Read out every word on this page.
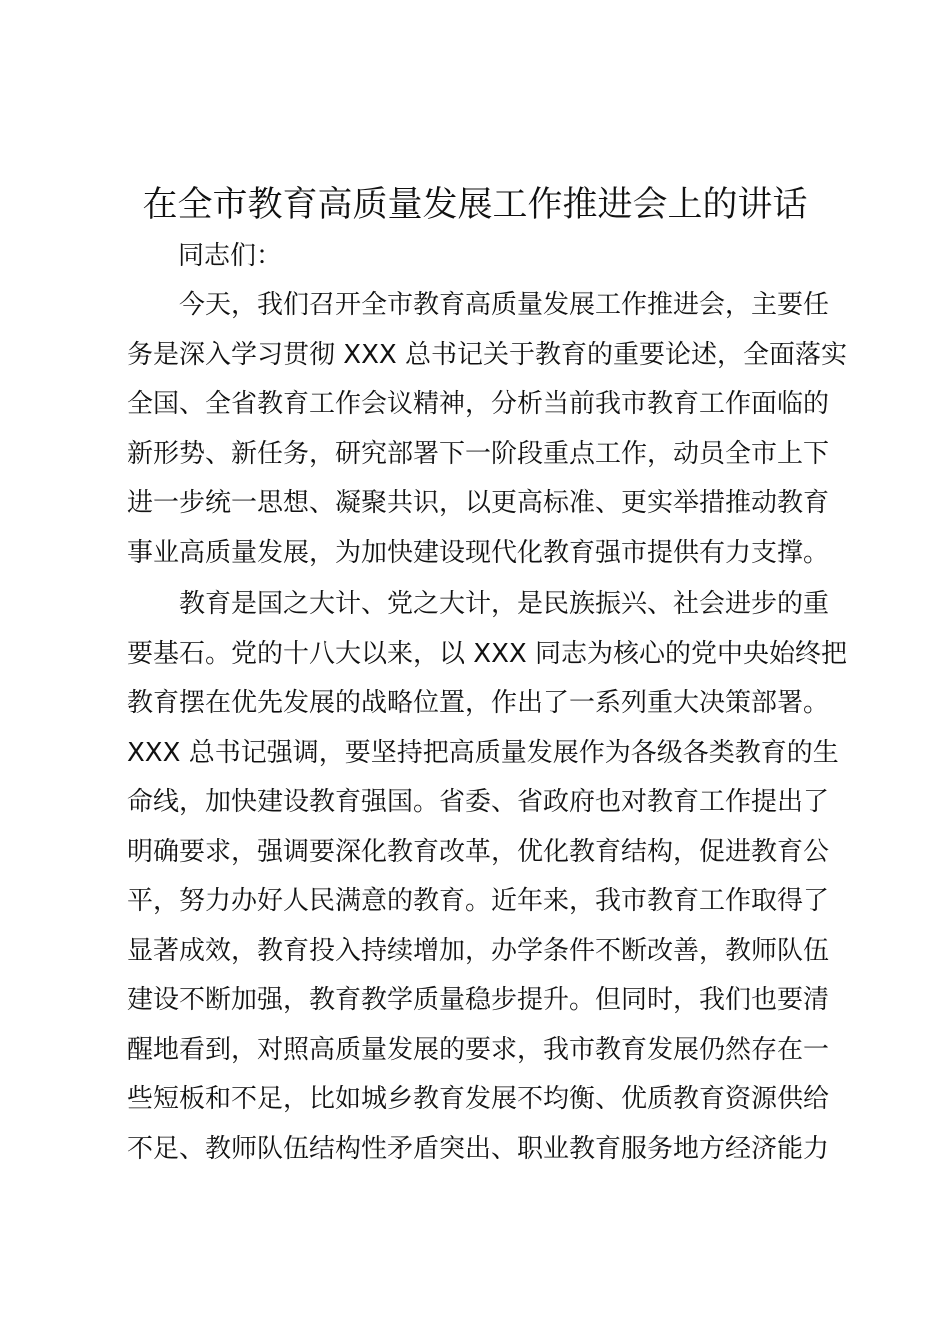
在全市教育高质量发展工作推进会上的讲话
同志们：
今天，我们召开全市教育高质量发展工作推进会，主要任
务是深入学习贯彻 XXX 总书记关于教育的重要论述，全面落实
全国、全省教育工作会议精神，分析当前我市教育工作面临的
新形势、新任务，研究部署下一阶段重点工作，动员全市上下
进一步统一思想、凝聚共识，以更高标准、更实举措推动教育
事业高质量发展，为加快建设现代化教育强市提供有力支撑。
教育是国之大计、党之大计，是民族振兴、社会进步的重
要基石。党的十八大以来，以 XXX 同志为核心的党中央始终把
教育摆在优先发展的战略位置，作出了一系列重大决策部署。
XXX 总书记强调，要坚持把高质量发展作为各级各类教育的生
命线，加快建设教育强国。省委、省政府也对教育工作提出了
明确要求，强调要深化教育改革，优化教育结构，促进教育公
平，努力办好人民满意的教育。近年来，我市教育工作取得了
显著成效，教育投入持续增加，办学条件不断改善，教师队伍
建设不断加强，教育教学质量稳步提升。但同时，我们也要清
醒地看到，对照高质量发展的要求，我市教育发展仍然存在一
些短板和不足，比如城乡教育发展不均衡、优质教育资源供给
不足、教师队伍结构性矛盾突出、职业教育服务地方经济能力
